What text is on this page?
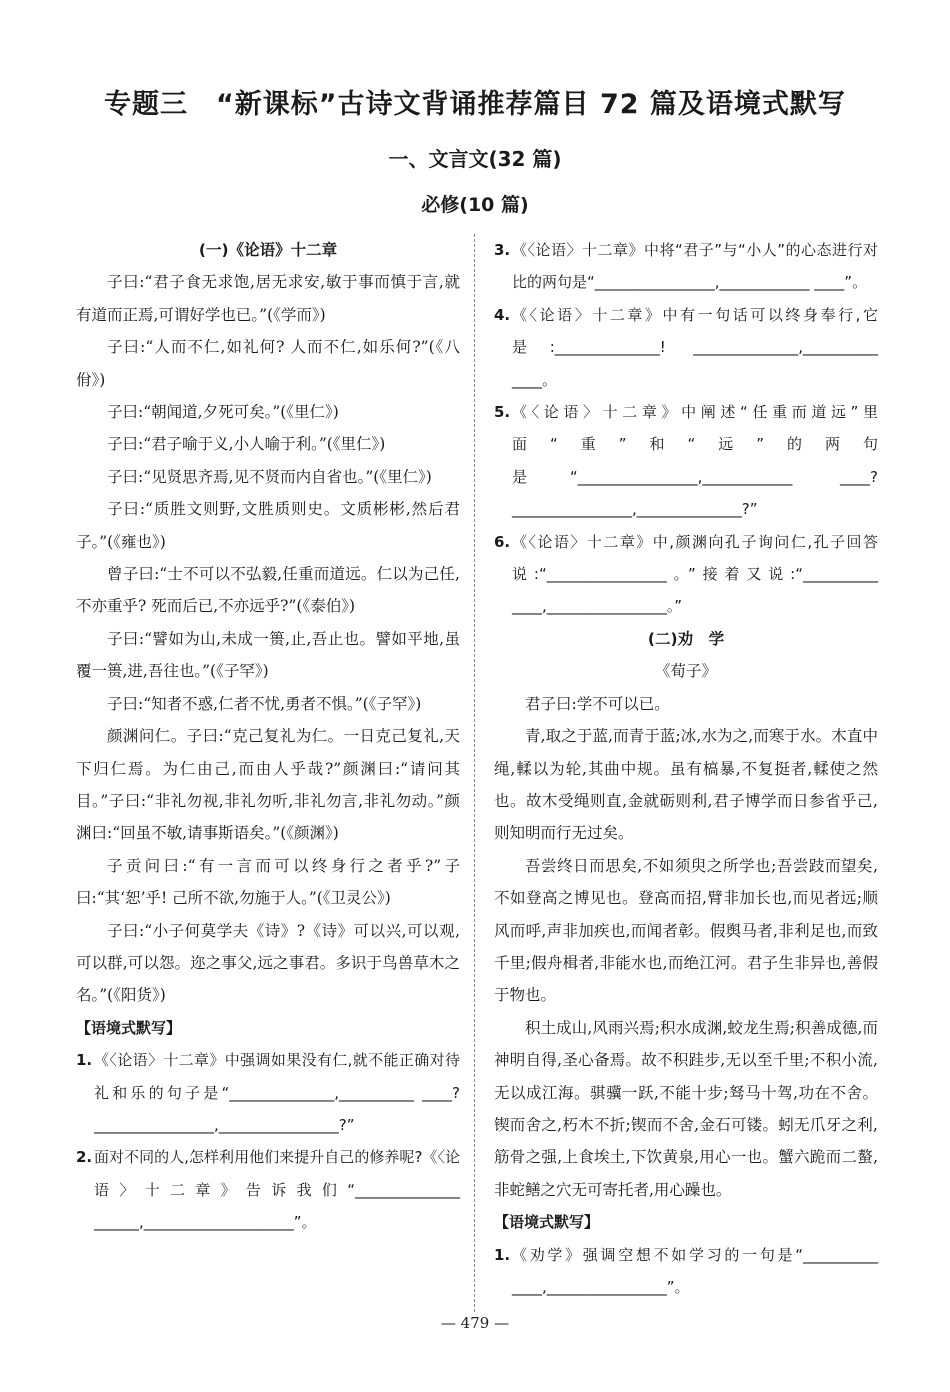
专题三　“新课标”古诗文背诵推荐篇目 72 篇及语境式默写
一、文言文(32 篇)
必修(10 篇)
(一)《论语》十二章

子曰:“君子食无求饱,居无求安,敏于事而慎于言,就有道而正焉,可谓好学也已。”(《学而》)

子曰:“人而不仁,如礼何? 人而不仁,如乐何?”(《八佾》)

子曰:“朝闻道,夕死可矣。”(《里仁》)

子曰:“君子喻于义,小人喻于利。”(《里仁》)

子曰:“见贤思齐焉,见不贤而内自省也。”(《里仁》)

子曰:“质胜文则野,文胜质则史。文质彬彬,然后君子。”(《雍也》)

曾子曰:“士不可以不弘毅,任重而道远。仁以为己任,不亦重乎? 死而后已,不亦远乎?”(《泰伯》)

子曰:“譬如为山,未成一篑,止,吾止也。譬如平地,虽覆一篑,进,吾往也。”(《子罕》)

子曰:“知者不惑,仁者不忧,勇者不惧。”(《子罕》)

颜渊问仁。子曰:“克己复礼为仁。一日克己复礼,天下归仁焉。为仁由己,而由人乎哉?”颜渊曰:“请问其目。”子曰:“非礼勿视,非礼勿听,非礼勿言,非礼勿动。”颜渊曰:“回虽不敏,请事斯语矣。”(《颜渊》)

子贡问曰:“有一言而可以终身行之者乎?”子曰:“其‘恕’乎! 己所不欲,勿施于人。”(《卫灵公》)

子曰:“小子何莫学夫《诗》?《诗》可以兴,可以观,可以群,可以怨。迩之事父,远之事君。多识于鸟兽草木之名。”(《阳货》)

【语境式默写】
1. 《〈论语〉十二章》中强调如果没有仁,就不能正确对待礼和乐的句子是“______________,__________ ____? ________________,________________?”
2. 面对不同的人,怎样利用他们来提升自己的修养呢?《〈论语〉十二章》告诉我们“______________ ______,____________________”。
3. 《〈论语〉十二章》中将“君子”与“小人”的心态进行对比的两句是“________________,____________ ____”。
4. 《〈论语〉十二章》中有一句话可以终身奉行,它是:______________! ______________,__________ ____。
5. 《〈论语〉十二章》中阐述“任重而道远”里面“重”和“远”的两句是“________________,____________ ____? ________________,______________?”
6. 《〈论语〉十二章》中,颜渊向孔子询问仁,孔子回答说:“________________。”接着又说:“__________ ____,________________。”
(二)劝　学
《荀子》

君子曰:学不可以已。

青,取之于蓝,而青于蓝;冰,水为之,而寒于水。木直中绳,輮以为轮,其曲中规。虽有槁暴,不复挺者,輮使之然也。故木受绳则直,金就砺则利,君子博学而日参省乎己,则知明而行无过矣。

吾尝终日而思矣,不如须臾之所学也;吾尝跂而望矣,不如登高之博见也。登高而招,臂非加长也,而见者远;顺风而呼,声非加疾也,而闻者彰。假舆马者,非利足也,而致千里;假舟楫者,非能水也,而绝江河。君子生非异也,善假于物也。

积土成山,风雨兴焉;积水成渊,蛟龙生焉;积善成德,而神明自得,圣心备焉。故不积跬步,无以至千里;不积小流,无以成江海。骐骥一跃,不能十步;驽马十驾,功在不舍。锲而舍之,朽木不折;锲而不舍,金石可镂。蚓无爪牙之利,筋骨之强,上食埃土,下饮黄泉,用心一也。蟹六跪而二螯,非蛇鳝之穴无可寄托者,用心躁也。

【语境式默写】
1. 《劝学》强调空想不如学习的一句是“__________ ____,________________”。
— 479 —
